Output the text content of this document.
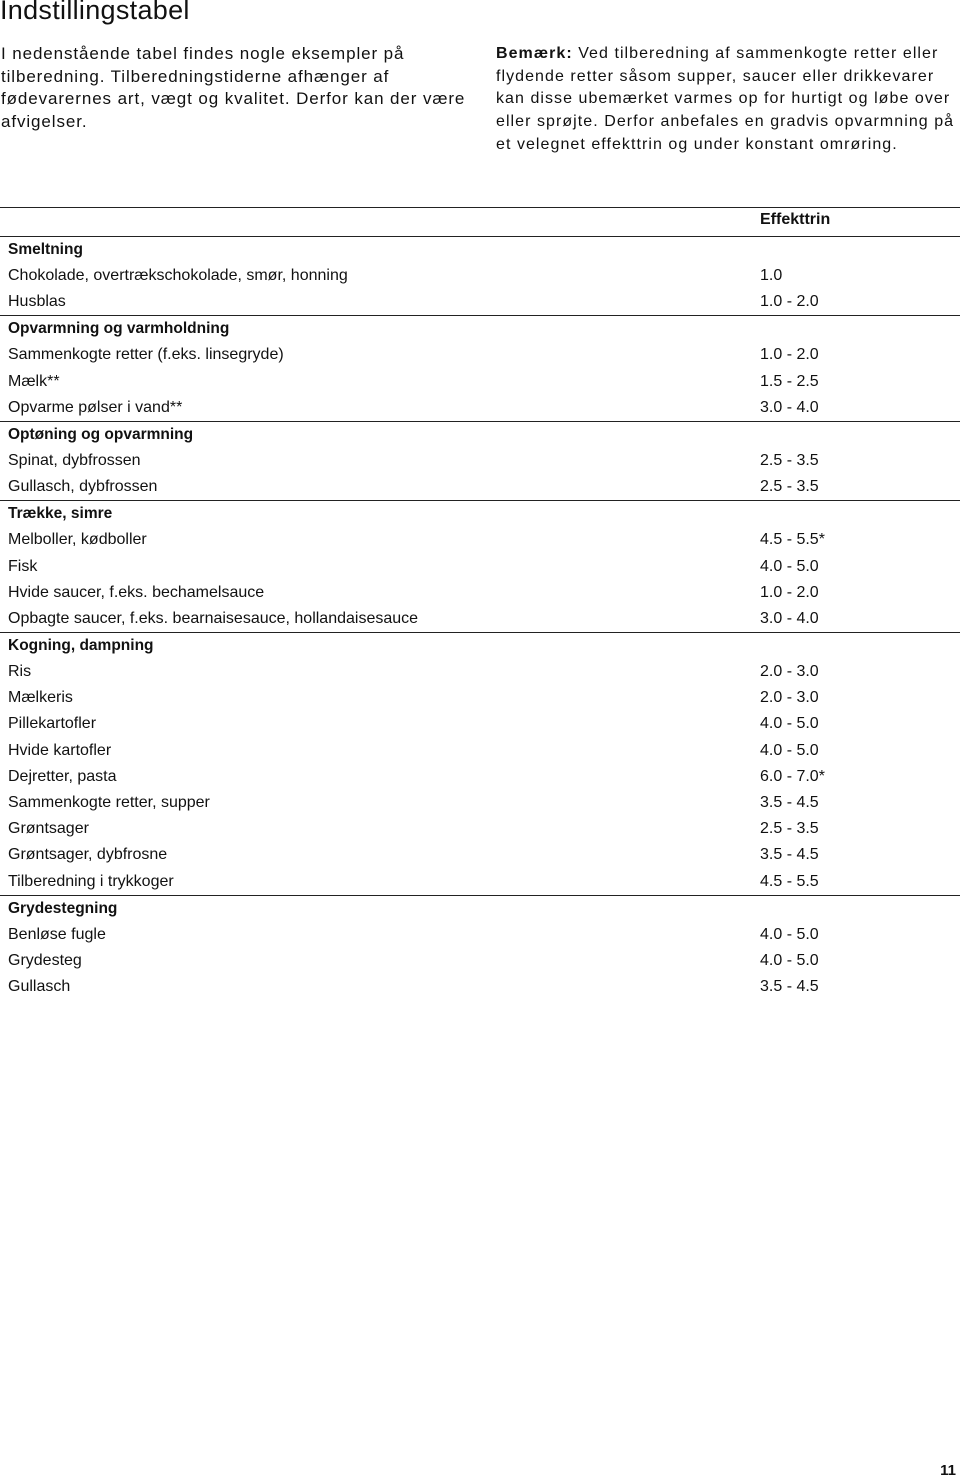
Indstillingstabel

I nedenstående tabel findes nogle eksempler på tilberedning. Tilberedningstiderne afhænger af fødevarernes art, vægt og kvalitet. Derfor kan der være afvigelser.

Bemærk: Ved tilberedning af sammenkogte retter eller flydende retter såsom supper, saucer eller drikkevarer kan disse ubemærket varmes op for hurtigt og løbe over eller sprøjte. Derfor anbefales en gradvis opvarmning på et velegnet effekttrin og under konstant omrøring.

Effekttrin
Smeltning
Chokolade, overtrækschokolade, smør, honning	1.0
Husblas	1.0 - 2.0
Opvarmning og varmholdning
Sammenkogte retter (f.eks. linsegryde)	1.0 - 2.0
Mælk**	1.5 - 2.5
Opvarme pølser i vand**	3.0 - 4.0
Optøning og opvarmning
Spinat, dybfrossen	2.5 - 3.5
Gullasch, dybfrossen	2.5 - 3.5
Trække, simre
Melboller, kødboller	4.5 - 5.5*
Fisk	4.0 - 5.0
Hvide saucer, f.eks. bechamelsauce	1.0 - 2.0
Opbagte saucer, f.eks. bearnaisesauce, hollandaisesauce	3.0 - 4.0
Kogning, dampning
Ris	2.0 - 3.0
Mælkeris	2.0 - 3.0
Pillekartofler	4.0 - 5.0
Hvide kartofler	4.0 - 5.0
Dejretter, pasta	6.0 - 7.0*
Sammenkogte retter, supper	3.5 - 4.5
Grøntsager	2.5 - 3.5
Grøntsager, dybfrosne	3.5 - 4.5
Tilberedning i trykkoger	4.5 - 5.5
Grydestegning
Benløse fugle	4.0 - 5.0
Grydesteg	4.0 - 5.0
Gullasch	3.5 - 4.5
11
